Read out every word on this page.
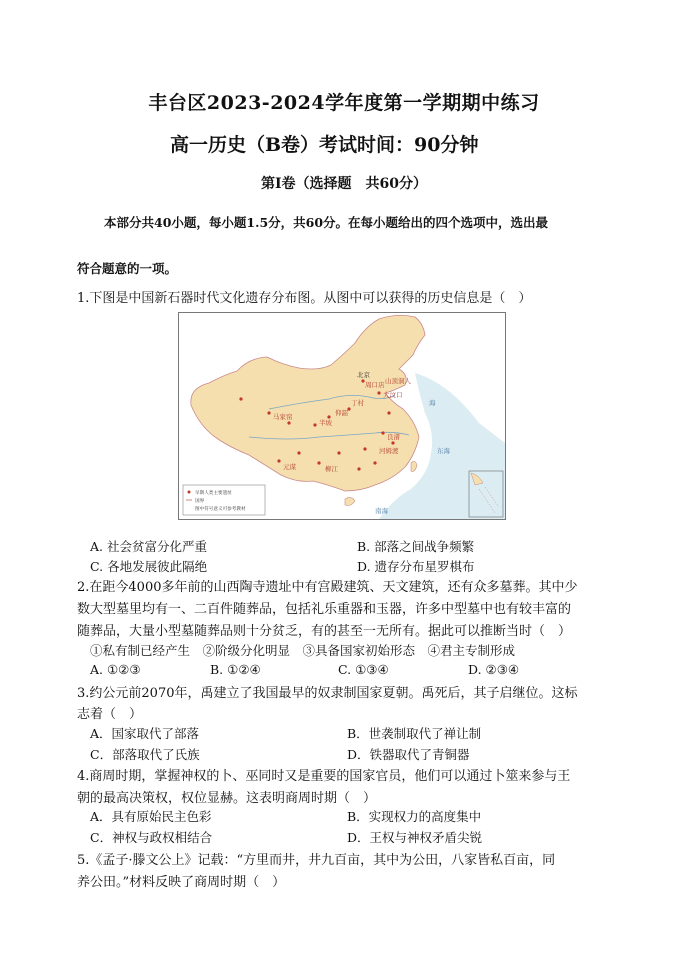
丰台区2023-2024学年度第一学期期中练习
高一历史（B卷）考试时间：90分钟
第Ⅰ卷（选择题　共60分）
本部分共40小题，每小题1.5分，共60分。在每小题给出的四个选项中，选出最
符合题意的一项。
1.下图是中国新石器时代文化遗存分布图。从图中可以获得的历史信息是（　）
北京
周口店
大汶口
良渚
河姆渡
半坡
仰韶
马家窑
元谋	柳江
丁村
山顶洞人
海
东海
南海
早期人类主要遗址
国界
图中符号意义可参考教材
A. 社会贫富分化严重	B. 部落之间战争频繁
C. 各地发展彼此隔绝	D. 遗存分布星罗棋布
2.在距今4000多年前的山西陶寺遗址中有宫殿建筑、天文建筑，还有众多墓葬。其中少
数大型墓里均有一、二百件随葬品，包括礼乐重器和玉器，许多中型墓中也有较丰富的
随葬品，大量小型墓随葬品则十分贫乏，有的甚至一无所有。据此可以推断当时（　）
①私有制已经产生　②阶级分化明显　③具备国家初始形态　④君主专制形成
A. ①②③	B. ①②④	C. ①③④	D. ②③④
3.约公元前2070年，禹建立了我国最早的奴隶制国家夏朝。禹死后，其子启继位。这标
志着（　）
A．国家取代了部落	B．世袭制取代了禅让制
C．部落取代了氏族	D．铁器取代了青铜器
4.商周时期，掌握神权的卜、巫同时又是重要的国家官员，他们可以通过卜筮来参与王
朝的最高决策权，权位显赫。这表明商周时期（　）
A．具有原始民主色彩	B．实现权力的高度集中
C．神权与政权相结合	D．王权与神权矛盾尖锐
5.《孟子·滕文公上》记载：“方里而井，井九百亩，其中为公田，八家皆私百亩，同
养公田。”材料反映了商周时期（　）
